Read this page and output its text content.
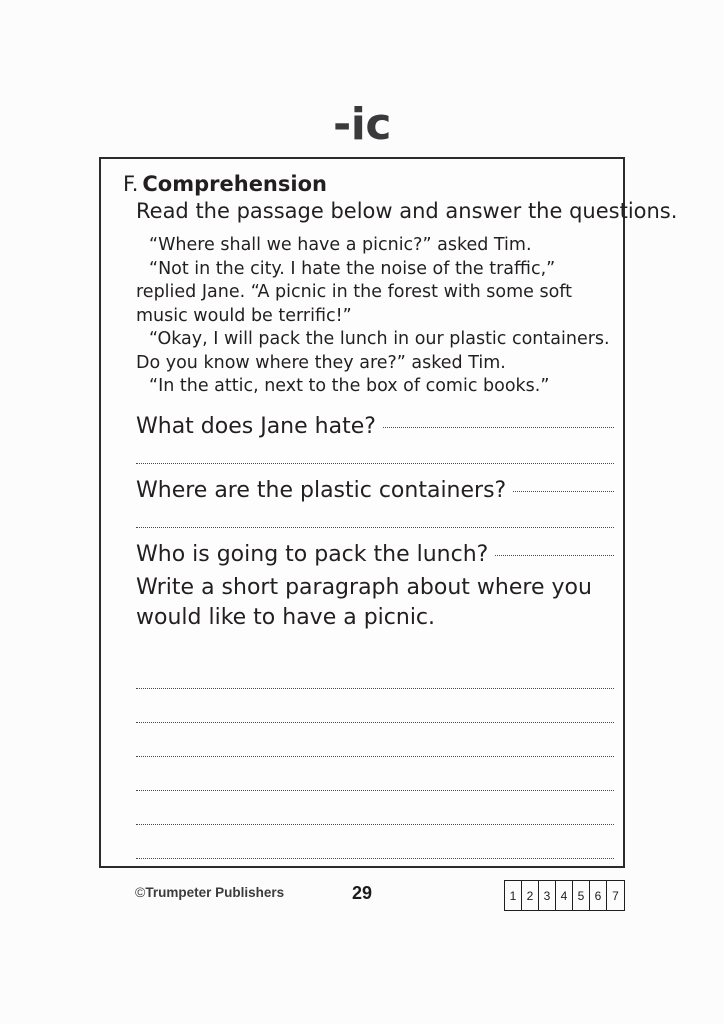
-ic
F. Comprehension
Read the passage below and answer the questions.

“Where shall we have a picnic?” asked Tim.

“Not in the city. I hate the noise of the traffic,” replied Jane. “A picnic in the forest with some soft music would be terrific!”

“Okay, I will pack the lunch in our plastic containers. Do you know where they are?” asked Tim.

“In the attic, next to the box of comic books.”

What does Jane hate?
Where are the plastic containers?
Who is going to pack the lunch?
Write a short paragraph about where you would like to have a picnic.
©Trumpeter Publishers	29	1 2 3 4 5 6 7
